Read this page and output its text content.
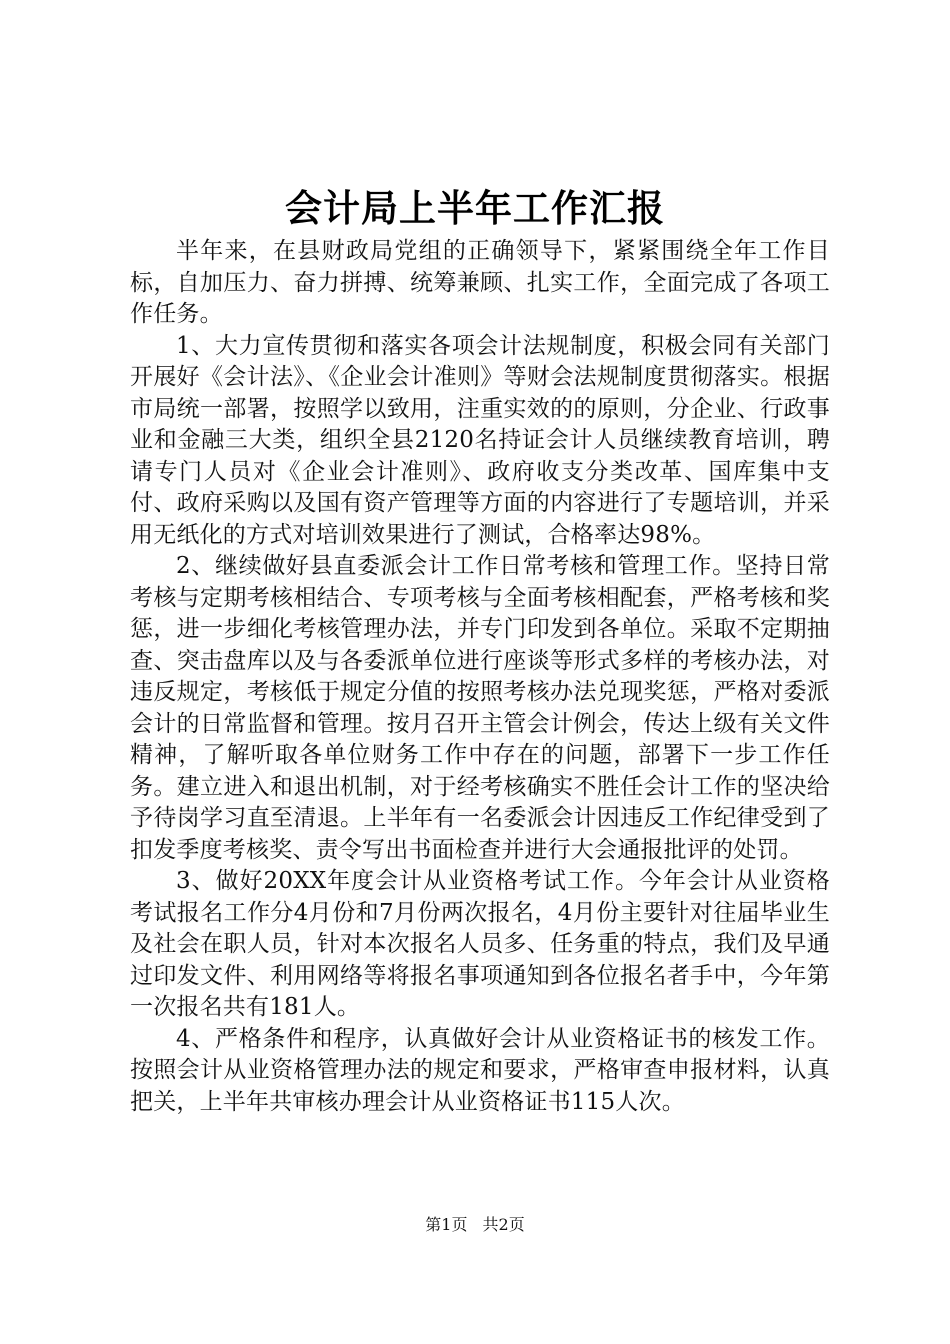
会计局上半年工作汇报

半年来，在县财政局党组的正确领导下，紧紧围绕全年工作目标，自加压力、奋力拼搏、统筹兼顾、扎实工作，全面完成了各项工作任务。

1、大力宣传贯彻和落实各项会计法规制度，积极会同有关部门开展好《会计法》、《企业会计准则》等财会法规制度贯彻落实。根据市局统一部署，按照学以致用，注重实效的的原则，分企业、行政事业和金融三大类，组织全县2120名持证会计人员继续教育培训，聘请专门人员对《企业会计准则》、政府收支分类改革、国库集中支付、政府采购以及国有资产管理等方面的内容进行了专题培训，并采用无纸化的方式对培训效果进行了测试，合格率达98%。

2、继续做好县直委派会计工作日常考核和管理工作。坚持日常考核与定期考核相结合、专项考核与全面考核相配套，严格考核和奖惩，进一步细化考核管理办法，并专门印发到各单位。采取不定期抽查、突击盘库以及与各委派单位进行座谈等形式多样的考核办法，对违反规定，考核低于规定分值的按照考核办法兑现奖惩，严格对委派会计的日常监督和管理。按月召开主管会计例会，传达上级有关文件精神，了解听取各单位财务工作中存在的问题，部署下一步工作任务。建立进入和退出机制，对于经考核确实不胜任会计工作的坚决给予待岗学习直至清退。上半年有一名委派会计因违反工作纪律受到了扣发季度考核奖、责令写出书面检查并进行大会通报批评的处罚。

3、做好20XX年度会计从业资格考试工作。今年会计从业资格考试报名工作分4月份和7月份两次报名，4月份主要针对往届毕业生及社会在职人员，针对本次报名人员多、任务重的特点，我们及早通过印发文件、利用网络等将报名事项通知到各位报名者手中，今年第一次报名共有181人。

4、严格条件和程序，认真做好会计从业资格证书的核发工作。按照会计从业资格管理办法的规定和要求，严格审查申报材料，认真把关，上半年共审核办理会计从业资格证书115人次。

第1页 共2页
